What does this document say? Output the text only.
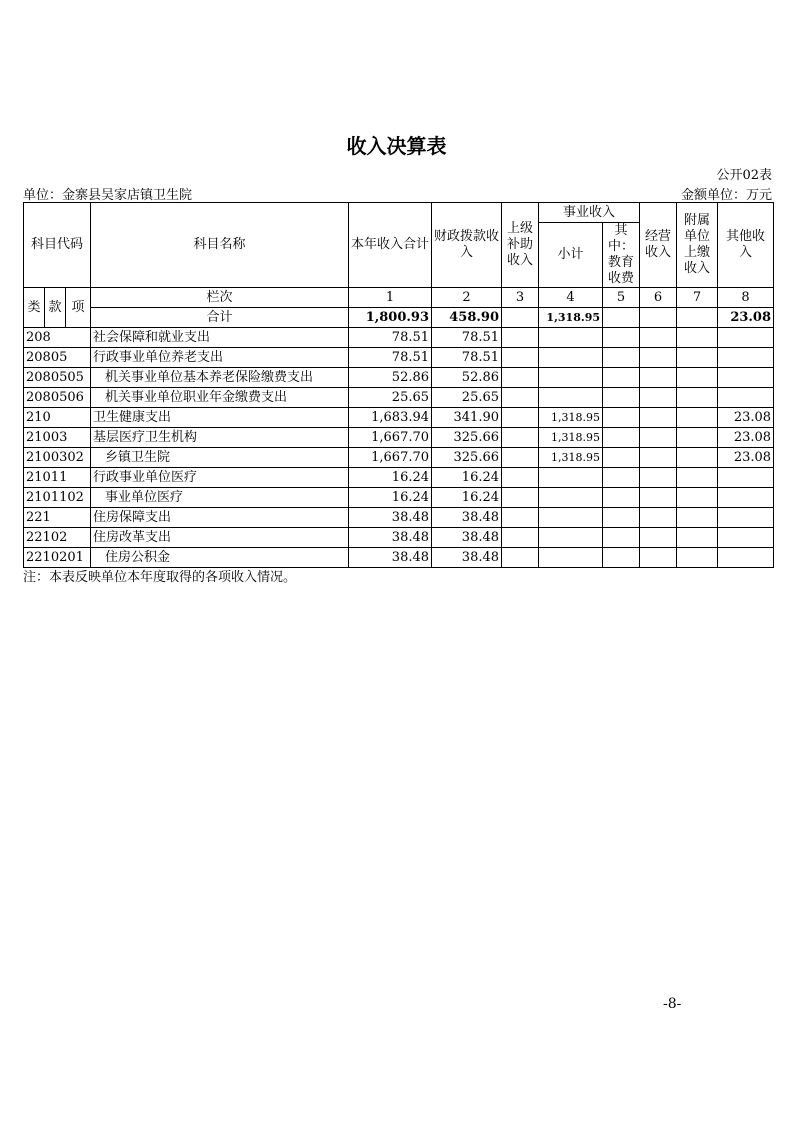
收入决算表
公开02表
单位：金寨县吴家店镇卫生院	金额单位：万元
科目代码			科目名称	本年收入合计	财政拨款收入	上级补助收入	事业收入		经营收入	附属单位上缴收入	其他收入
							小计	其中：教育收费			

类	款	项	栏次	1	2	3	4	5	6	7	8
			合计	1,800.93	458.90		1,318.95				23.08
208			社会保障和就业支出	78.51	78.51						
20805			行政事业单位养老支出	78.51	78.51						
2080505			机关事业单位基本养老保险缴费支出	52.86	52.86						
2080506			机关事业单位职业年金缴费支出	25.65	25.65						
210			卫生健康支出	1,683.94	341.90		1,318.95				23.08
21003			基层医疗卫生机构	1,667.70	325.66		1,318.95				23.08
2100302			乡镇卫生院	1,667.70	325.66		1,318.95				23.08
21011			行政事业单位医疗	16.24	16.24						
2101102			事业单位医疗	16.24	16.24						
221			住房保障支出	38.48	38.48						
22102			住房改革支出	38.48	38.48						
2210201			住房公积金	38.48	38.48						
注：本表反映单位本年度取得的各项收入情况。
-8-
